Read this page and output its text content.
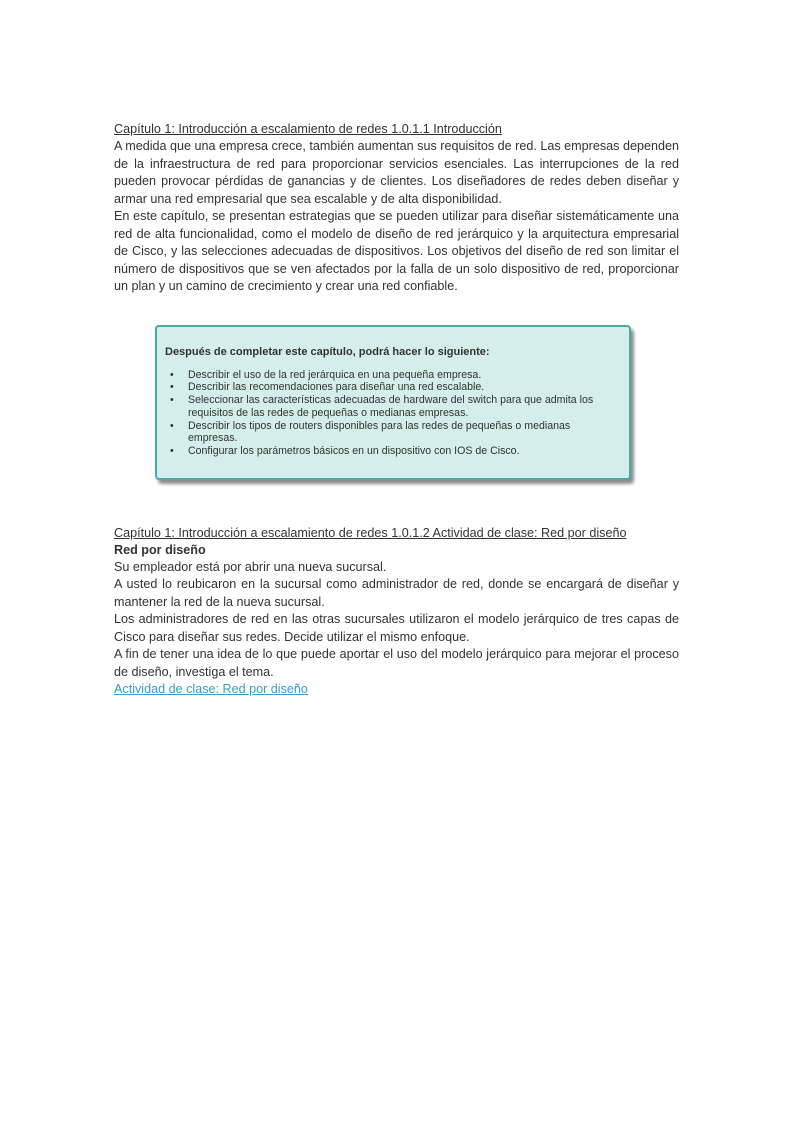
Capítulo 1: Introducción a escalamiento de redes 1.0.1.1 Introducción

A medida que una empresa crece, también aumentan sus requisitos de red. Las empresas dependen de la infraestructura de red para proporcionar servicios esenciales. Las interrupciones de la red pueden provocar pérdidas de ganancias y de clientes. Los diseñadores de redes deben diseñar y armar una red empresarial que sea escalable y de alta disponibilidad.

En este capítulo, se presentan estrategias que se pueden utilizar para diseñar sistemáticamente una red de alta funcionalidad, como el modelo de diseño de red jerárquico y la arquitectura empresarial de Cisco, y las selecciones adecuadas de dispositivos. Los objetivos del diseño de red son limitar el número de dispositivos que se ven afectados por la falla de un solo dispositivo de red, proporcionar un plan y un camino de crecimiento y crear una red confiable.

Después de completar este capítulo, podrá hacer lo siguiente:

• Describir el uso de la red jerárquica en una pequeña empresa.
• Describir las recomendaciones para diseñar una red escalable.
• Seleccionar las características adecuadas de hardware del switch para que admita los requisitos de las redes de pequeñas o medianas empresas.
• Describir los tipos de routers disponibles para las redes de pequeñas o medianas empresas.
• Configurar los parámetros básicos en un dispositivo con IOS de Cisco.

Capítulo 1: Introducción a escalamiento de redes 1.0.1.2 Actividad de clase: Red por diseño

Red por diseño

Su empleador está por abrir una nueva sucursal.

A usted lo reubicaron en la sucursal como administrador de red, donde se encargará de diseñar y mantener la red de la nueva sucursal.

Los administradores de red en las otras sucursales utilizaron el modelo jerárquico de tres capas de Cisco para diseñar sus redes. Decide utilizar el mismo enfoque.

A fin de tener una idea de lo que puede aportar el uso del modelo jerárquico para mejorar el proceso de diseño, investiga el tema.

Actividad de clase: Red por diseño
